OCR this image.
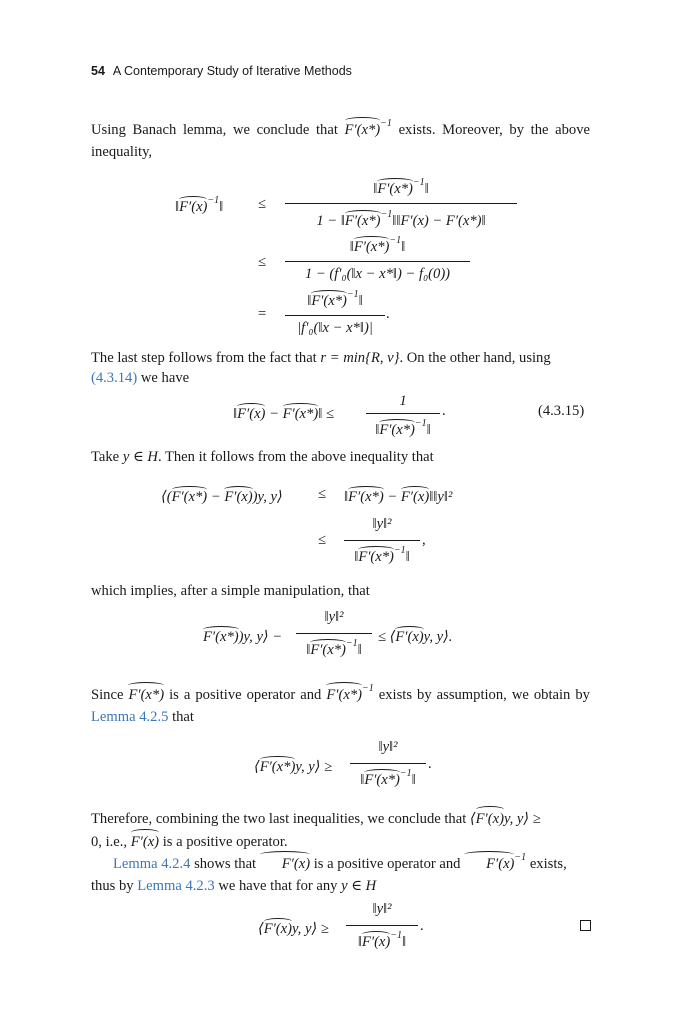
54 A Contemporary Study of Iterative Methods
Using Banach lemma, we conclude that $F'(x*)^{-1}$ exists. Moreover, by the above inequality,
$‖F'(x)^{-1}‖$ ≤
$‖F'(x*)^{-1}‖$
$1 - ‖F'(x*)^{-1}‖‖F'(x)$ − F′(x*)‖
≤
$‖F'(x*)^{-1}‖$
1 − (f′₀(‖x − x*‖) − f₀(0))
=
$‖F'(x*)^{-1}‖$
|f′₀(‖x − x*‖)|
.
The last step follows from the fact that r = min{R, v}. On the other hand, using
(4.3.14) we have
‖F′(x) − F′(x*)‖ ≤
1
$‖F'(x*)^{-1}‖$
.	(4.3.15)
Take y ∈ H. Then it follows from the above inequality that
⟨(F′(x*) − F′(x))y, y⟩ ≤ ‖F′(x*) − F′(x)‖‖y‖²
≤
‖y‖²
$‖F'(x*)^{-1}‖$
,
which implies, after a simple manipulation, that
F′(x*))y, y⟩ −
‖y‖²
$‖F'(x*)^{-1}‖$
≤ ⟨F′(x)y, y⟩.
Since F′(x*) is a positive operator and $F'(x*)^{-1}$ exists by assumption, we obtain by Lemma 4.2.5 that
⟨F′(x*)y, y⟩ ≥
‖y‖²
$‖F'(x*)^{-1}‖$
.
Therefore, combining the two last inequalities, we conclude that ⟨F′(x)y, y⟩ ≥
0, i.e., F′(x) is a positive operator.
Lemma 4.2.4 shows that F′(x) is a positive operator and $F'(x)^{-1}$ exists,
thus by Lemma 4.2.3 we have that for any y ∈ H
⟨F′(x)y, y⟩ ≥
‖y‖²
$‖F'(x)^{-1}‖$
.
